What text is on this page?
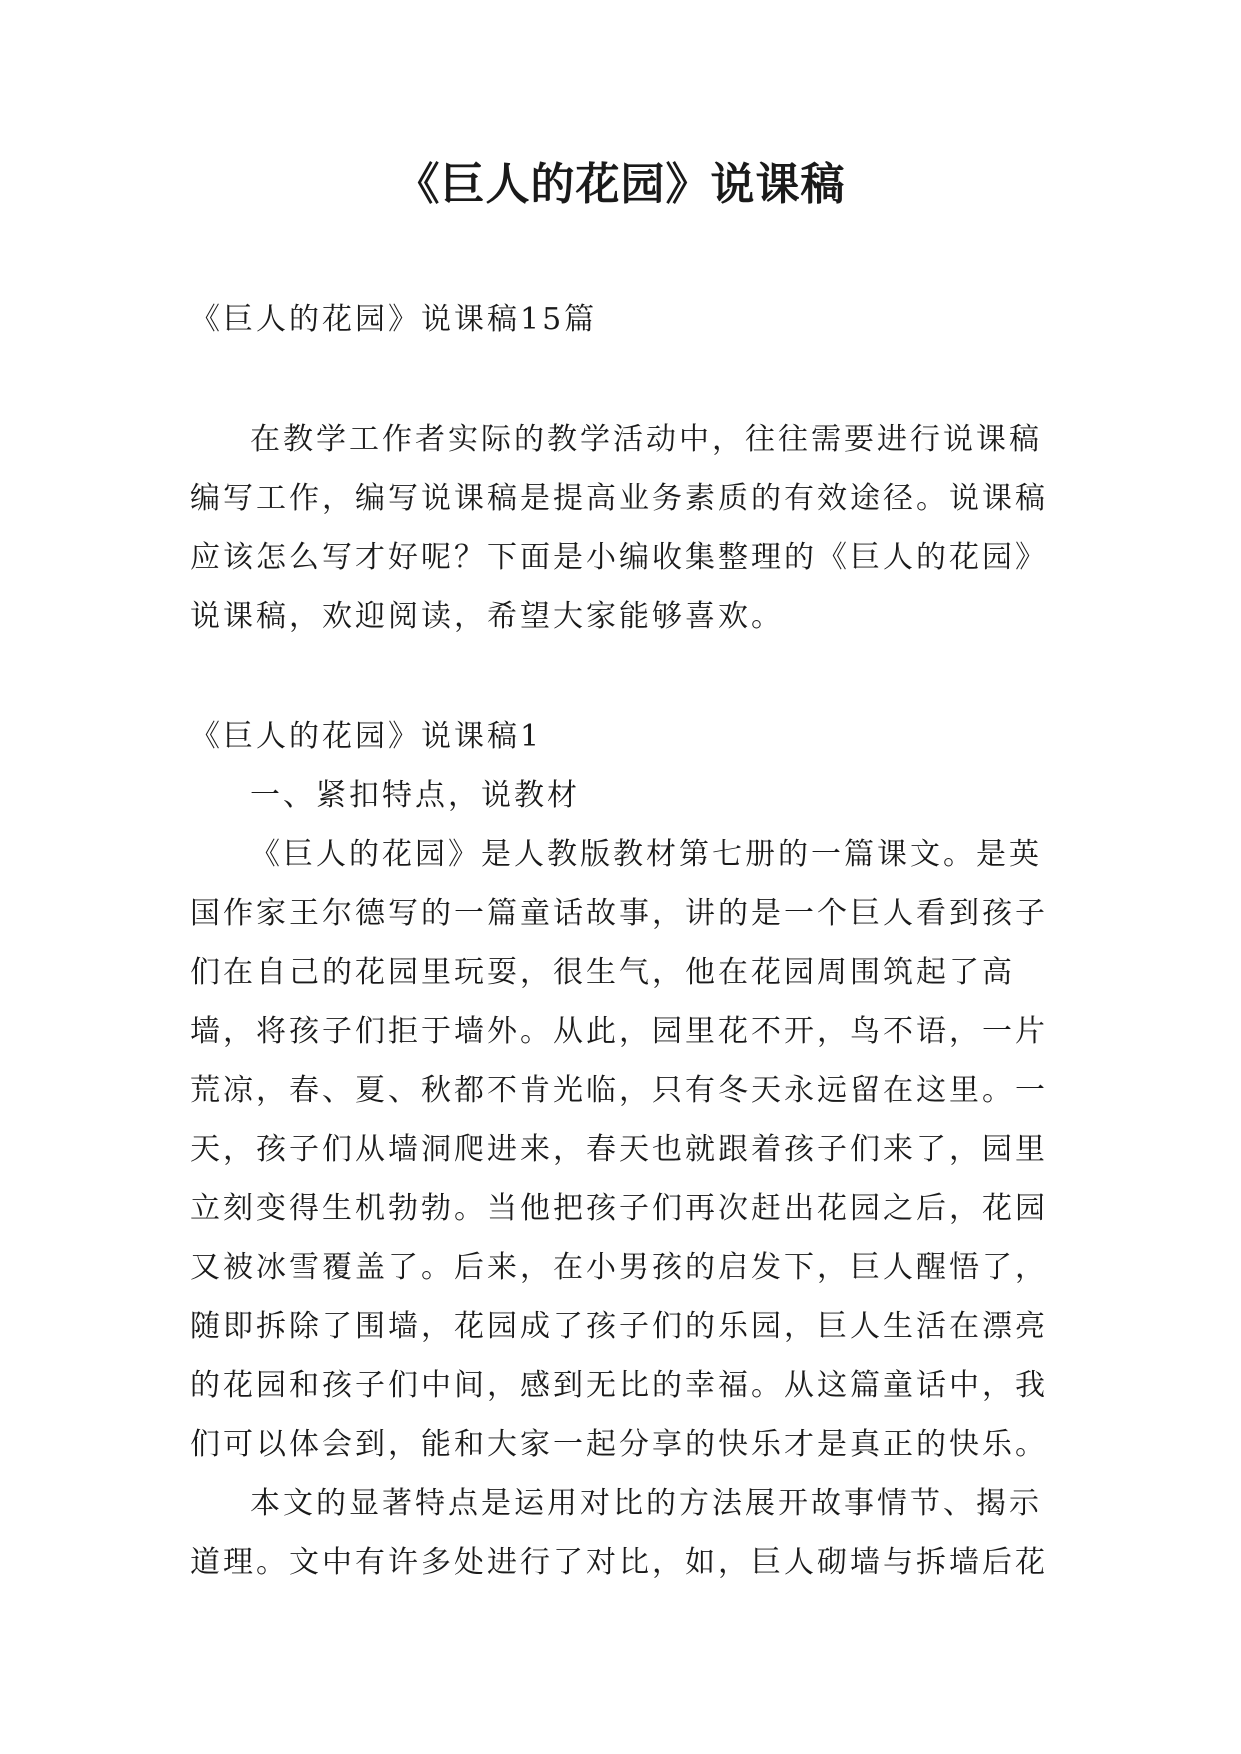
《巨人的花园》说课稿

《巨人的花园》说课稿15篇

在教学工作者实际的教学活动中，往往需要进行说课稿编写工作，编写说课稿是提高业务素质的有效途径。说课稿应该怎么写才好呢？下面是小编收集整理的《巨人的花园》说课稿，欢迎阅读，希望大家能够喜欢。

《巨人的花园》说课稿1

一、紧扣特点，说教材

《巨人的花园》是人教版教材第七册的一篇课文。是英国作家王尔德写的一篇童话故事，讲的是一个巨人看到孩子们在自己的花园里玩耍，很生气，他在花园周围筑起了高墙，将孩子们拒于墙外。从此，园里花不开，鸟不语，一片荒凉，春、夏、秋都不肯光临，只有冬天永远留在这里。一天，孩子们从墙洞爬进来，春天也就跟着孩子们来了，园里立刻变得生机勃勃。当他把孩子们再次赶出花园之后，花园又被冰雪覆盖了。后来，在小男孩的启发下，巨人醒悟了，随即拆除了围墙，花园成了孩子们的乐园，巨人生活在漂亮的花园和孩子们中间，感到无比的幸福。从这篇童话中，我们可以体会到，能和大家一起分享的快乐才是真正的快乐。

本文的显著特点是运用对比的方法展开故事情节、揭示道理。文中有许多处进行了对比，如，巨人砌墙与拆墙后花
